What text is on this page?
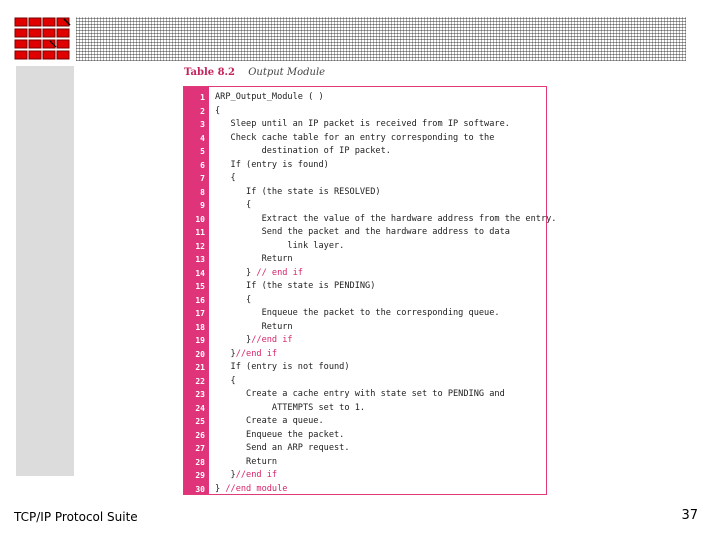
Table 8.2 Output Module
1 ARP_Output_Module ( )
2 {
3 Sleep until an IP packet is received from IP software.
4 Check cache table for an entry corresponding to the
5 destination of IP packet.
6 If (entry is found)
7 {
8 If (the state is RESOLVED)
9 {
10 Extract the value of the hardware address from the entry.
11 Send the packet and the hardware address to data
12 link layer.
13 Return
14 } // end if
15 If (the state is PENDING)
16 {
17 Enqueue the packet to the corresponding queue.
18 Return
19 }//end if
20 }//end if
21 If (entry is not found)
22 {
23 Create a cache entry with state set to PENDING and
24 ATTEMPTS set to 1.
25 Create a queue.
26 Enqueue the packet.
27 Send an ARP request.
28 Return
29 }//end if
30 } //end module
TCP/IP Protocol Suite	37
